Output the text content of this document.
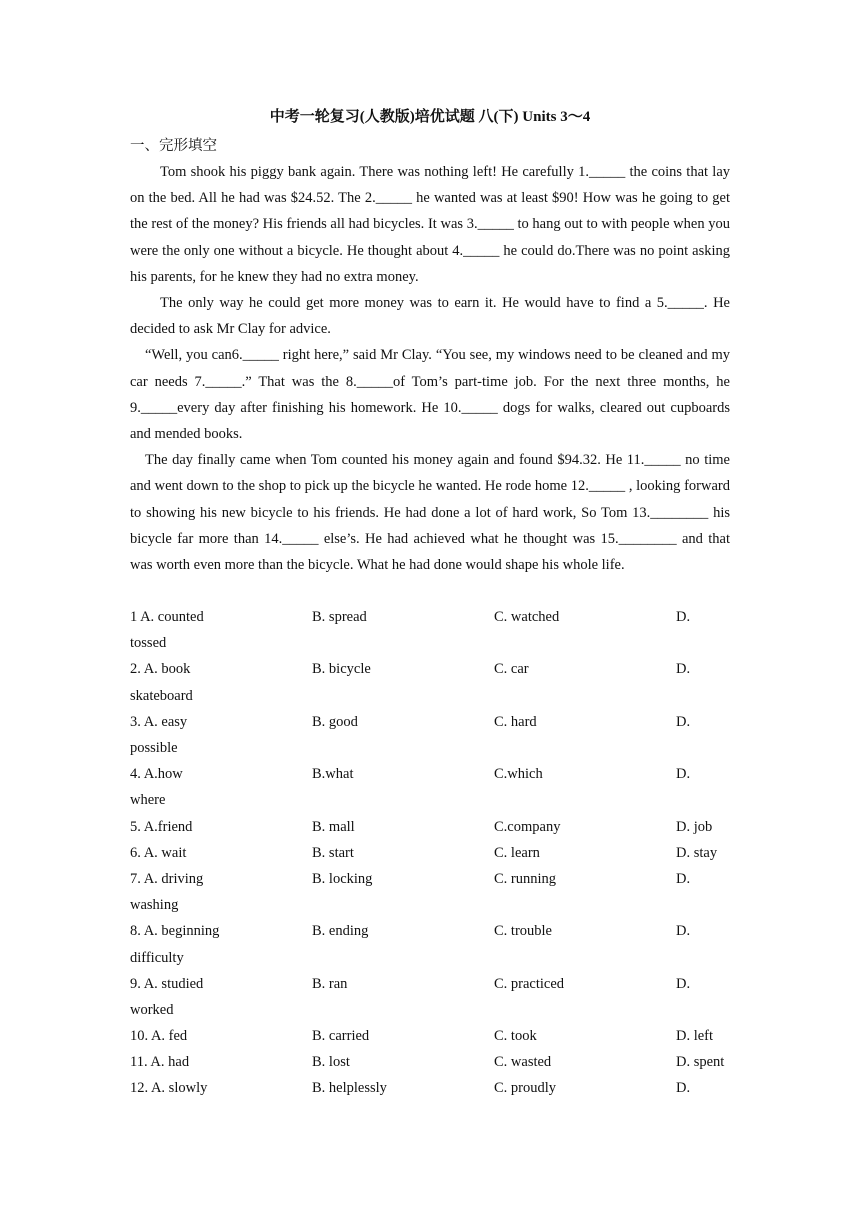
中考一轮复习(人教版)培优试题 八(下) Units 3～4
一、完形填空

Tom shook his piggy bank again. There was nothing left! He carefully 1._____ the coins that lay on the bed. All he had was $24.52. The 2._____ he wanted was at least $90! How was he going to get the rest of the money? His friends all had bicycles. It was 3._____ to hang out to with people when you were the only one without a bicycle. He thought about 4._____ he could do.There was no point asking his parents, for he knew they had no extra money.

The only way he could get more money was to earn it. He would have to find a 5._____. He decided to ask Mr Clay for advice.

“Well, you can6._____ right here,” said Mr Clay. “You see, my windows need to be cleaned and my car needs 7._____.” That was the 8._____of Tom’s part-time job. For the next three months, he 9._____every day after finishing his homework. He 10._____ dogs for walks, cleared out cupboards and mended books.

The day finally came when Tom counted his money again and found $94.32. He 11._____ no time and went down to the shop to pick up the bicycle he wanted. He rode home 12._____ , looking forward to showing his new bicycle to his friends. He had done a lot of hard work, So Tom 13.________ his bicycle far more than 14._____ else’s. He had achieved what he thought was 15.________ and that was worth even more than the bicycle. What he had done would shape his whole life.

1 A. counted	B. spread	C. watched	D.
tossed
2. A. book	B. bicycle	C. car	D.
skateboard
3. A. easy	B. good	C. hard	D.
possible
4. A.how	B.what	C.which	D.
where
5. A.friend	B. mall	C.company	D. job
6. A. wait	B. start	C. learn	D. stay
7. A. driving	B. locking	C. running	D.
washing
8. A. beginning	B. ending	C. trouble	D.
difficulty
9. A. studied	B. ran	C. practiced	D.
worked
10. A. fed	B. carried	C. took	D. left
11. A. had	B. lost	C. wasted	D. spent
12. A. slowly	B. helplessly	C. proudly	D.
